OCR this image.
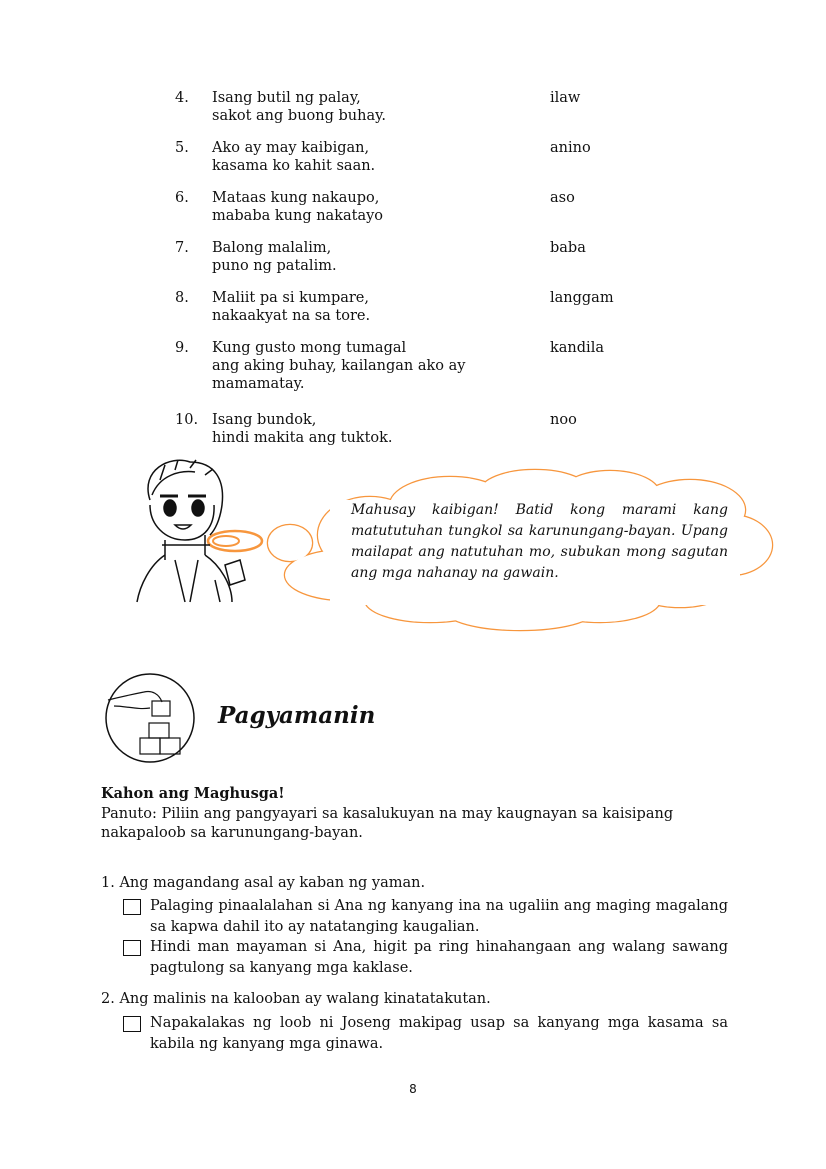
4. Isang butil ng palay,
sakot ang buong buhay.
ilaw
5. Ako ay may kaibigan,
kasama ko kahit saan.
anino
6. Mataas kung nakaupo,
mababa kung nakatayo
aso
7. Balong malalim,
puno ng patalim.
baba
8. Maliit pa si kumpare,
nakaakyat na sa tore.
langgam
9. Kung gusto mong tumagal
ang aking buhay, kailangan ako ay
mamamatay.
kandila
10. Isang bundok,
hindi makita ang tuktok.
noo
Mahusay kaibigan! Batid kong marami kang matututuhan tungkol sa karunungang-bayan. Upang mailapat ang natutuhan mo, subukan mong sagutan ang mga nahanay na gawain.
Pagyamanin
Kahon ang Maghusga!
Panuto: Piliin ang pangyayari sa kasalukuyan na may kaugnayan sa kaisipang nakapaloob sa karunungang-bayan.
1. Ang magandang asal ay kaban ng yaman.
Palaging pinaalalahan si Ana ng kanyang ina na ugaliin ang maging magalang sa kapwa dahil ito ay natatanging kaugalian.
Hindi man mayaman si Ana, higit pa ring hinahangaan ang walang sawang pagtulong sa kanyang mga kaklase.
2. Ang malinis na kalooban ay walang kinatatakutan.
Napakalakas ng loob ni Joseng makipag usap sa kanyang mga kasama sa kabila ng kanyang mga ginawa.
8
